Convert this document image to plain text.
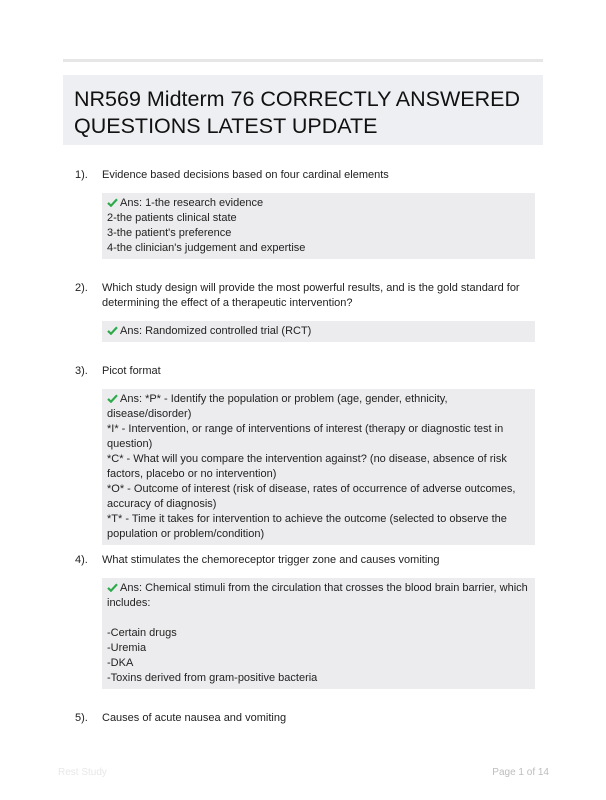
NR569 Midterm 76 CORRECTLY ANSWERED QUESTIONS LATEST UPDATE
1). Evidence based decisions based on four cardinal elements
Ans: 1-the research evidence
2-the patients clinical state
3-the patient's preference
4-the clinician's judgement and expertise
2). Which study design will provide the most powerful results, and is the gold standard for determining the effect of a therapeutic intervention?
Ans: Randomized controlled trial (RCT)
3). Picot format
Ans: *P* - Identify the population or problem (age, gender, ethnicity, disease/disorder)
*I* - Intervention, or range of interventions of interest (therapy or diagnostic test in question)
*C* - What will you compare the intervention against? (no disease, absence of risk factors, placebo or no intervention)
*O* - Outcome of interest (risk of disease, rates of occurrence of adverse outcomes, accuracy of diagnosis)
*T* - Time it takes for intervention to achieve the outcome (selected to observe the population or problem/condition)
4). What stimulates the chemoreceptor trigger zone and causes vomiting
Ans: Chemical stimuli from the circulation that crosses the blood brain barrier, which includes:
-Certain drugs
-Uremia
-DKA
-Toxins derived from gram-positive bacteria
5). Causes of acute nausea and vomiting
Rest Study	Page 1 of 14
